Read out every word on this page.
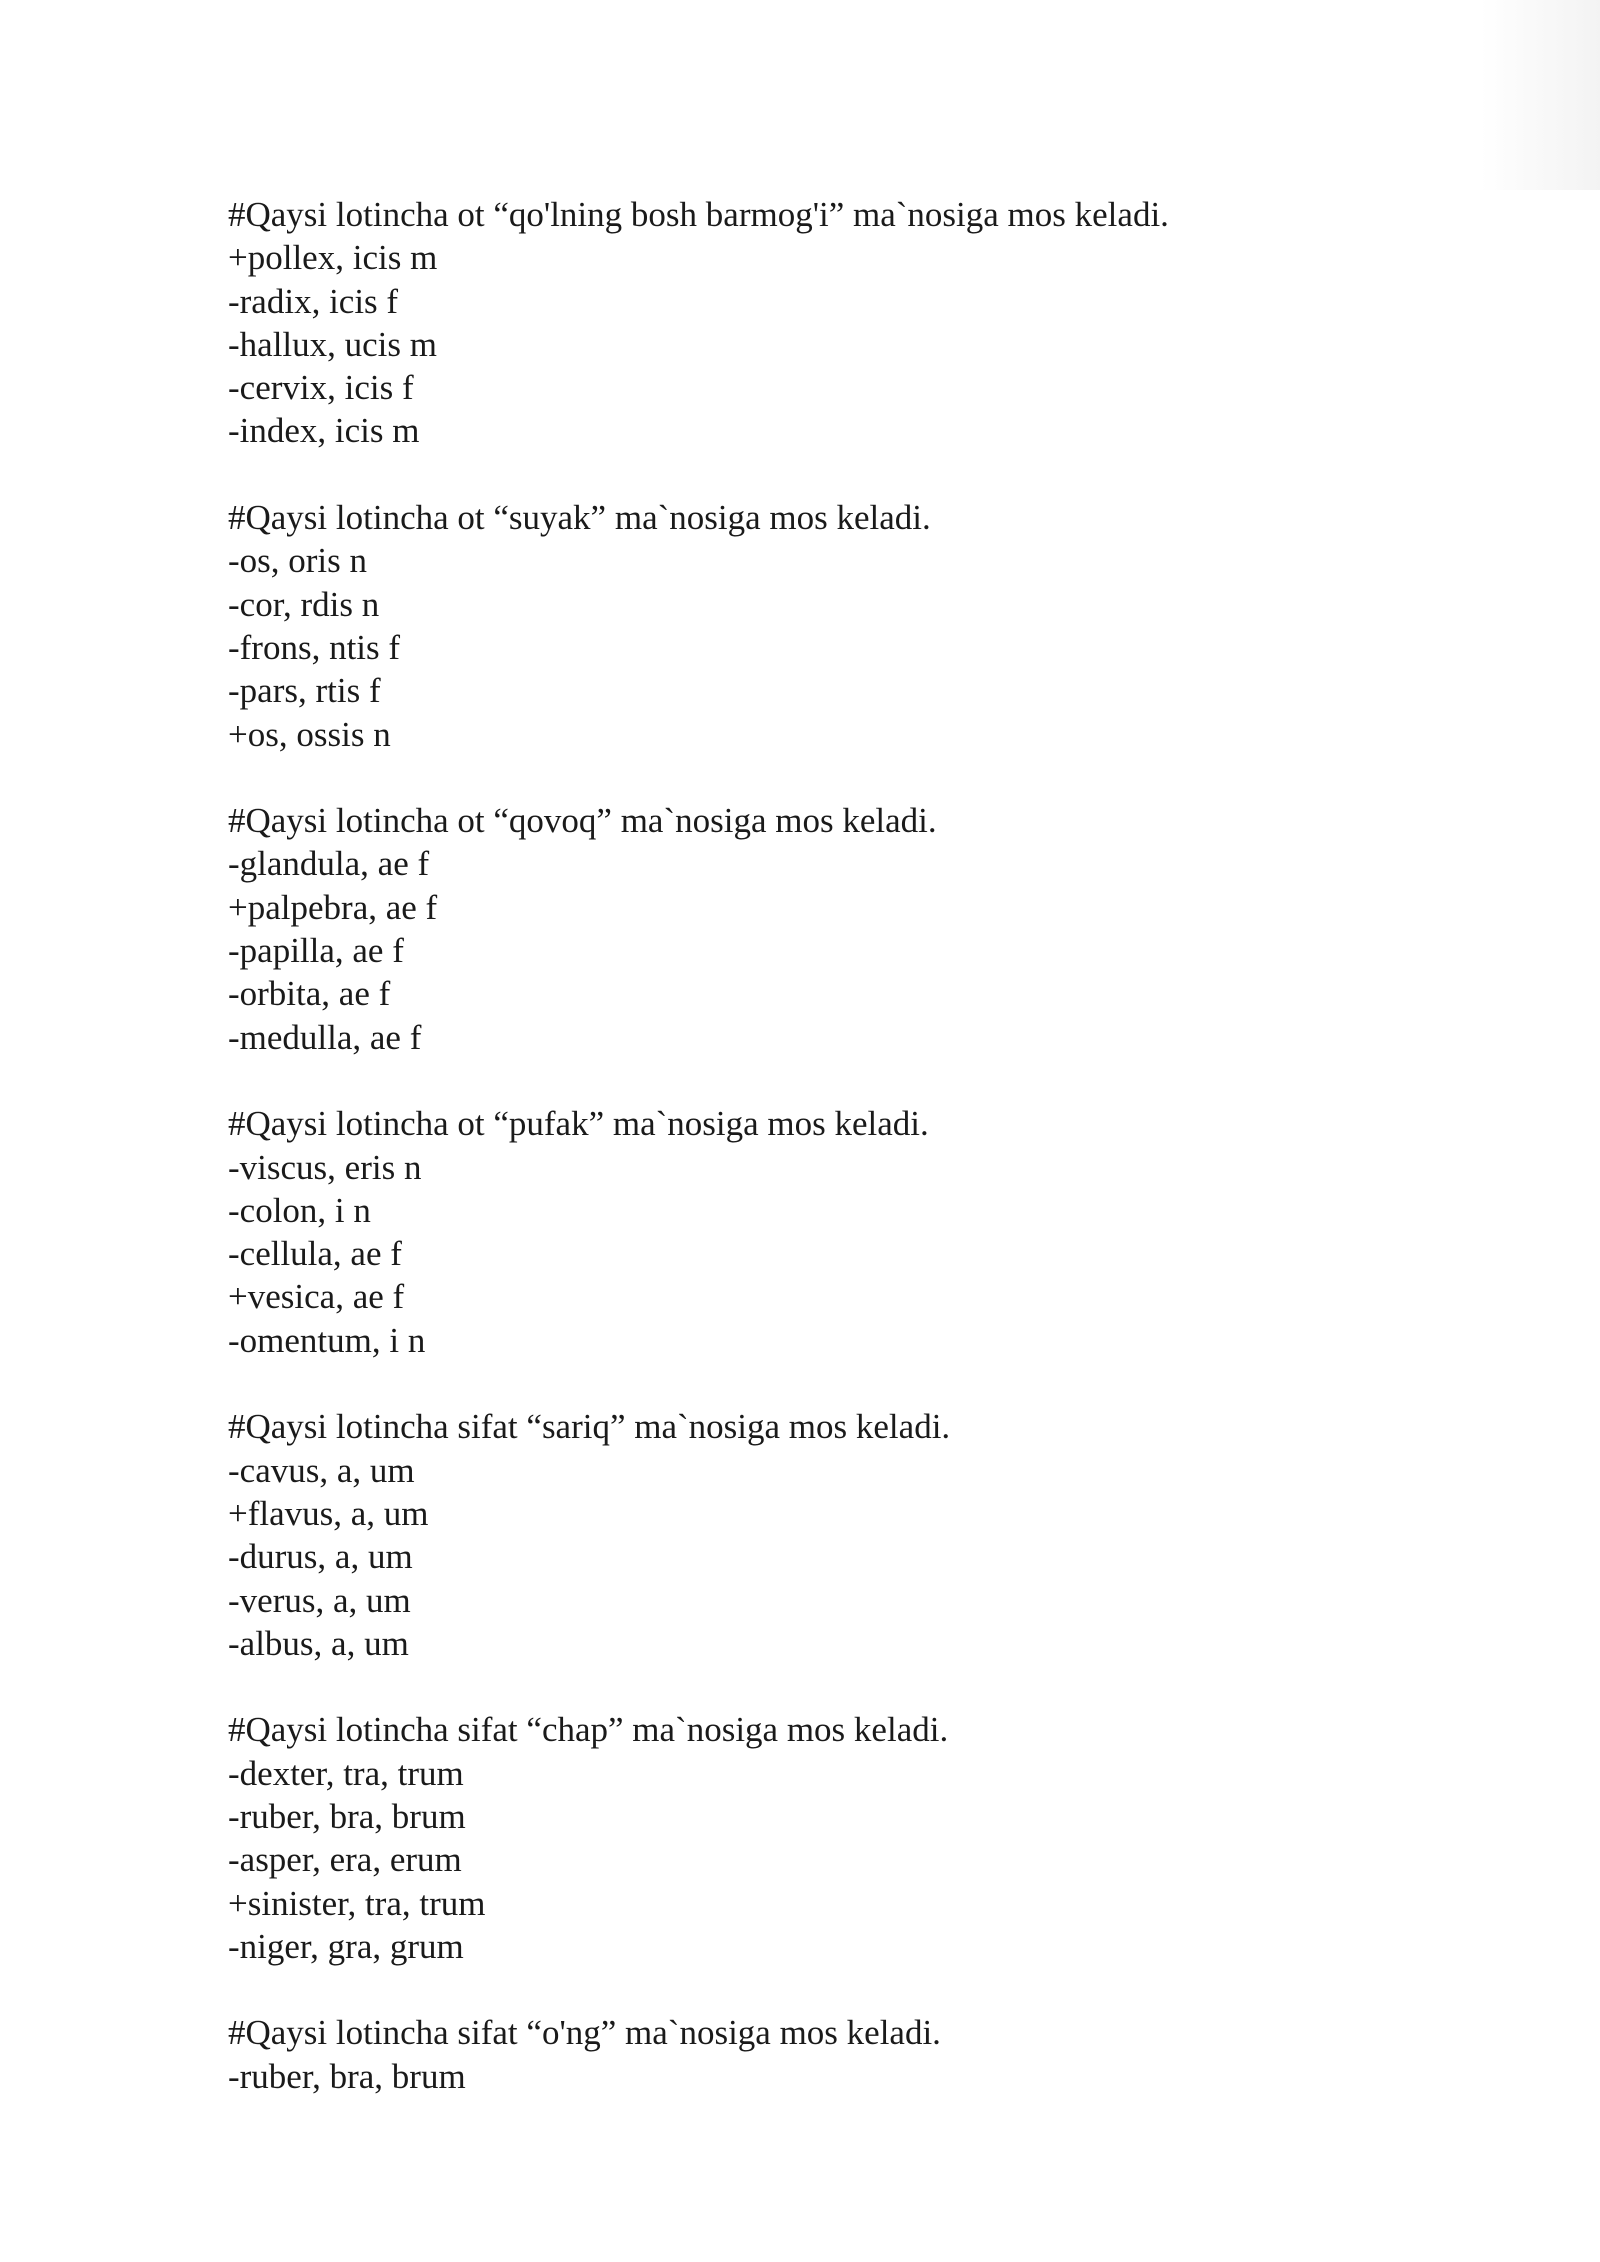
#Qaysi lotincha ot “qo'lning bosh barmog'i” ma`nosiga mos keladi.
+pollex, icis m
-radix, icis f
-hallux, ucis m
-cervix, icis f
-index, icis m
#Qaysi lotincha ot “suyak” ma`nosiga mos keladi.
-os, oris n
-cor, rdis n
-frons, ntis f
-pars, rtis f
+os, ossis n
#Qaysi lotincha ot “qovoq” ma`nosiga mos keladi.
-glandula, ae f
+palpebra, ae f
-papilla, ae f
-orbita, ae f
-medulla, ae f
#Qaysi lotincha ot “pufak” ma`nosiga mos keladi.
-viscus, eris n
-colon, i n
-cellula, ae f
+vesica, ae f
-omentum, i n
#Qaysi lotincha sifat “sariq” ma`nosiga mos keladi.
-cavus, a, um
+flavus, a, um
-durus, a, um
-verus, a, um
-albus, a, um
#Qaysi lotincha sifat “chap” ma`nosiga mos keladi.
-dexter, tra, trum
-ruber, bra, brum
-asper, era, erum
+sinister, tra, trum
-niger, gra, grum
#Qaysi lotincha sifat “o'ng” ma`nosiga mos keladi.
-ruber, bra, brum
